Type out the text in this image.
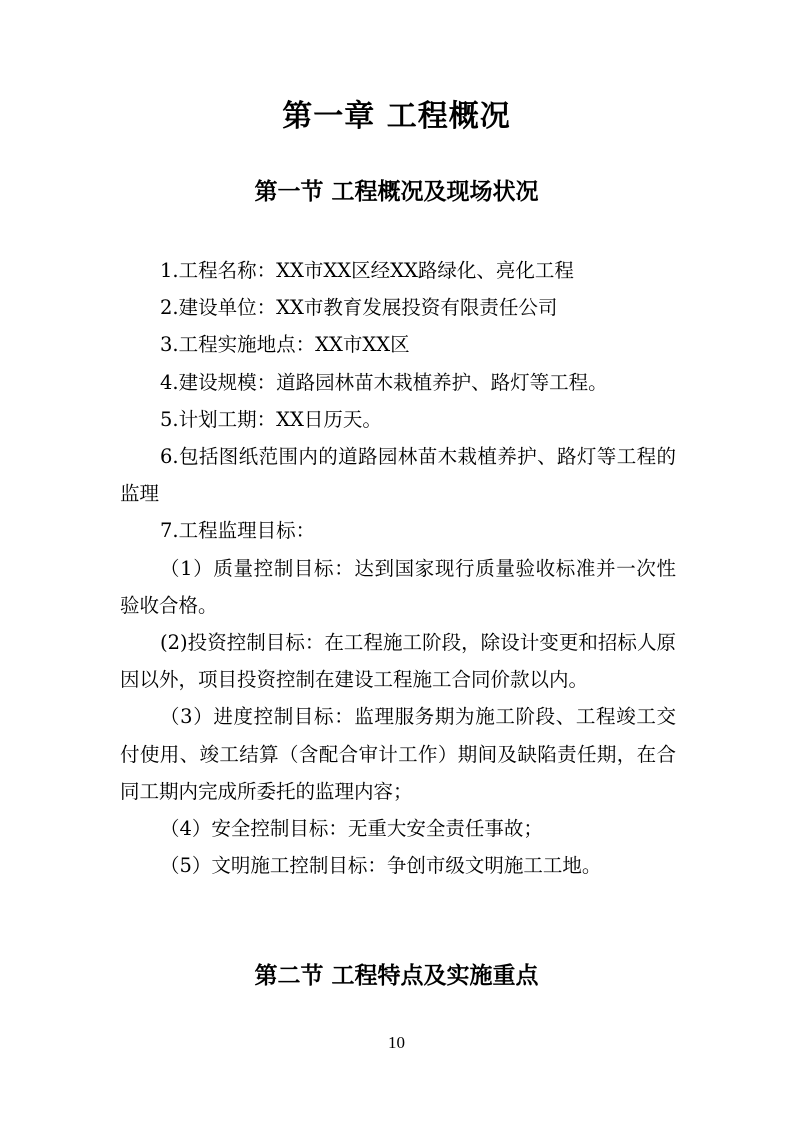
第一章 工程概况
第一节 工程概况及现场状况

1.工程名称：XX市XX区经XX路绿化、亮化工程

2.建设单位：XX市教育发展投资有限责任公司

3.工程实施地点：XX市XX区

4.建设规模：道路园林苗木栽植养护、路灯等工程。

5.计划工期：XX日历天。

6.包括图纸范围内的道路园林苗木栽植养护、路灯等工程的监理

7.工程监理目标：

（1）质量控制目标：达到国家现行质量验收标准并一次性验收合格。

(2)投资控制目标：在工程施工阶段，除设计变更和招标人原因以外，项目投资控制在建设工程施工合同价款以内。

（3）进度控制目标：监理服务期为施工阶段、工程竣工交付使用、竣工结算（含配合审计工作）期间及缺陷责任期，在合同工期内完成所委托的监理内容；

（4）安全控制目标：无重大安全责任事故；

（5）文明施工控制目标：争创市级文明施工工地。

第二节 工程特点及实施重点
10
